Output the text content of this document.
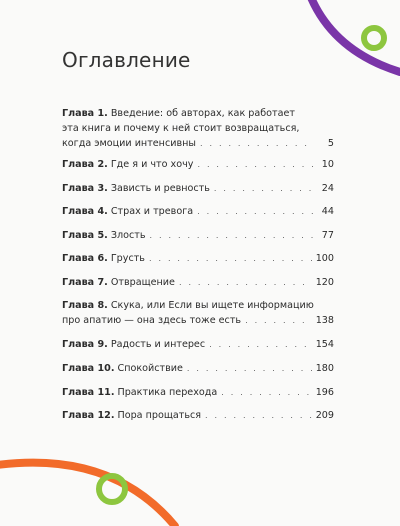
Оглавление
Глава 1. Введение: об авторах, как работает
эта книга и почему к ней стоит возвращаться,
когда эмоции интенсивны . . .	5
Глава 2. Где я и что хочу . . .	10
Глава 3. Зависть и ревность . . .	24
Глава 4. Страх и тревога . . .	44
Глава 5. Злость . . .	77
Глава 6. Грусть . . .	100
Глава 7. Отвращение . . .	120
Глава 8. Скука, или Если вы ищете информацию
про апатию — она здесь тоже есть . . .	138
Глава 9. Радость и интерес . . .	154
Глава 10. Спокойствие . . .	180
Глава 11. Практика перехода . . .	196
Глава 12. Пора прощаться . . .	209
